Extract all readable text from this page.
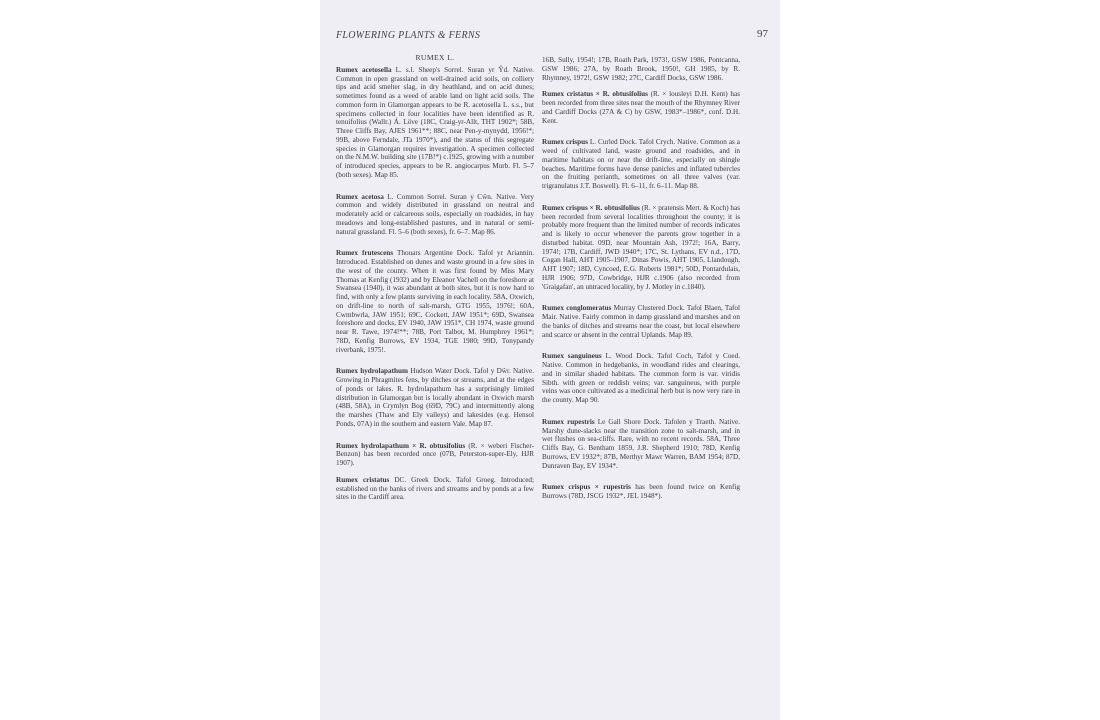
FLOWERING PLANTS & FERNS	97
RUMEX L.

Rumex acetosella L. s.l. Sheep's Sorrel. Suran yr Ŷd. Native. Common in open grassland on well-drained acid soils, on colliery tips and acid smelter slag, in dry heathland, and on acid dunes; sometimes found as a weed of arable land on light acid soils. The common form in Glamorgan appears to be R. acetosella L. s.s., but specimens collected in four localities have been identified as R. tenuifolius (Wallr.) Á. Löve (18C, Craig-yr-Allt, THT 1902*; 58B, Three Cliffs Bay, AJES 1961**; 88C, near Pen-y-mynydd, 1956!*; 99B, above Ferndale, JTa 1970*), and the status of this segregate species in Glamorgan requires investigation. A specimen collected on the N.M.W. building site (17B!*) c.1925, growing with a number of introduced species, appears to be R. angiocarpus Murb. Fl. 5–7 (both sexes). Map 85.

Rumex acetosa L. Common Sorrel. Suran y Cŵn. Native. Very common and widely distributed in grassland on neutral and moderately acid or calcareous soils, especially on roadsides, in hay meadows and long-established pastures, and in natural or semi-natural grassland. Fl. 5–6 (both sexes), fr. 6–7. Map 86.

Rumex frutescens Thouars Argentine Dock. Tafol yr Ariannin. Introduced. Established on dunes and waste ground in a few sites in the west of the county. When it was first found by Miss Mary Thomas at Kenfig (1932) and by Eleanor Vachell on the foreshore at Swansea (1940), it was abundant at both sites, but it is now hard to find, with only a few plants surviving in each locality. 58A, Oxwich, on drift-line to north of salt-marsh, GTG 1955, 1976!; 60A, Cwmbwrla, JAW 1951; 69C, Cockett, JAW 1951*; 69D, Swansea foreshore and docks, EV 1940, JAW 1951*, CH 1974, waste ground near R. Tawe, 1974!**; 78B, Port Talbot, M. Humphrey 1961*; 78D, Kenfig Burrows, EV 1934, TGE 1980; 99D, Tonypandy riverbank, 1975!.

Rumex hydrolapathum Hudson Water Dock. Tafol y Dŵr. Native. Growing in Phragmites fens, by ditches or streams, and at the edges of ponds or lakes. R. hydrolapathum has a surprisingly limited distribution in Glamorgan but is locally abundant in Oxwich marsh (48B, 58A), in Crymlyn Bog (69D, 79C) and intermittently along the marshes (Thaw and Ely valleys) and lakesides (e.g. Hensol Ponds, 07A) in the southern and eastern Vale. Map 87.

Rumex hydrolapathum × R. obtusifolius (R. × weberi Fischer-Benzon) has been recorded once (07B, Peterston-super-Ely, HJR 1907).

Rumex cristatus DC. Greek Dock. Tafol Groeg. Introduced; established on the banks of rivers and streams and by ponds at a few sites in the Cardiff area.

16B, Sully, 1954!; 17B, Roath Park, 1973!, GSW 1986, Pontcanna, GSW 1986; 27A, by Roath Brook, 1950!, GH 1985, by R. Rhymney, 1972!, GSW 1982; 27C, Cardiff Docks, GSW 1986.

Rumex cristatus × R. obtusifolius (R. × lousleyi D.H. Kent) has been recorded from three sites near the mouth of the Rhymney River and Cardiff Docks (27A & C) by GSW, 1983*–1986*, conf. D.H. Kent.

Rumex crispus L. Curled Dock. Tafol Crych. Native. Common as a weed of cultivated land, waste ground and roadsides, and in maritime habitats on or near the drift-line, especially on shingle beaches. Maritime forms have dense panicles and inflated tubercles on the fruiting perianth, sometimes on all three valves (var. trigranulatus J.T. Boswell). Fl. 6–11, fr. 6–11. Map 88.

Rumex crispus × R. obtusifolius (R. × pratensis Mert. & Koch) has been recorded from several localities throughout the county; it is probably more frequent than the limited number of records indicates and is likely to occur whenever the parents grow together in a disturbed habitat. 09D, near Mountain Ash, 1972!; 16A, Barry, 1974!; 17B, Cardiff, JWD 1940*; 17C, St. Lythans, EV n.d., 17D, Cogan Hall, AHT 1905–1907, Dinas Powis, AHT 1905, Llandough, AHT 1907; 18D, Cyncoed, E.G. Roberts 1981*; 50D, Pontardulais, HJR 1906; 97D, Cowbridge, HJR c.1906 (also recorded from 'Graigafan', an untraced locality, by J. Motley in c.1840).

Rumex conglomeratus Murray Clustered Dock. Tafol Blaen, Tafol Mair. Native. Fairly common in damp grassland and marshes and on the banks of ditches and streams near the coast, but local elsewhere and scarce or absent in the central Uplands. Map 89.

Rumex sanguineus L. Wood Dock. Tafol Coch, Tafol y Coed. Native. Common in hedgebanks, in woodland rides and clearings, and in similar shaded habitats. The common form is var. viridis Sibth. with green or reddish veins; var. sanguineus, with purple veins was once cultivated as a medicinal herb but is now very rare in the county. Map 90.

Rumex rupestris Le Gall Shore Dock. Tafolen y Traeth. Native. Marshy dune-slacks near the transition zone to salt-marsh, and in wet flushes on sea-cliffs. Rare, with no recent records. 58A, Three Cliffs Bay, G. Bentham 1859, J.R. Shepherd 1910; 78D, Kenfig Burrows, EV 1932*; 87B, Merthyr Mawr Warren, BAM 1954; 87D, Dunraven Bay, EV 1934*.

Rumex crispus × rupestris has been found twice on Kenfig Burrows (78D, JSCG 1932*, JEL 1948*).
